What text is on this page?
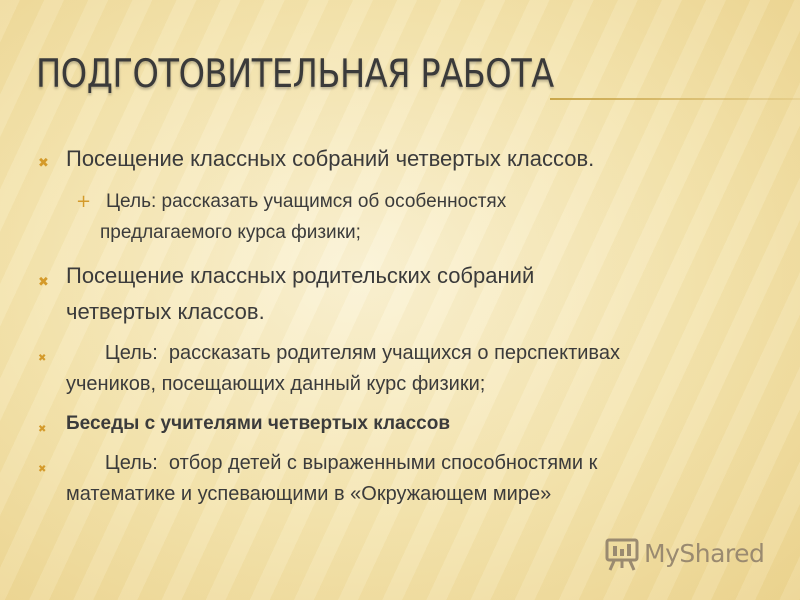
ПОДГОТОВИТЕЛЬНАЯ РАБОТА
✖ Посещение классных собраний четвертых классов.
+ Цель: рассказать учащимся об особенностях
предлагаемого курса физики;
✖ Посещение классных родительских собраний
четвертых классов.
✖ Цель:  рассказать родителям учащихся о перспективах
учеников, посещающих данный курс физики;
✖ Беседы с учителями четвертых классов
✖ Цель:  отбор детей с выраженными способностями к
математике и успевающими в «Окружающем мире»
MyShared
